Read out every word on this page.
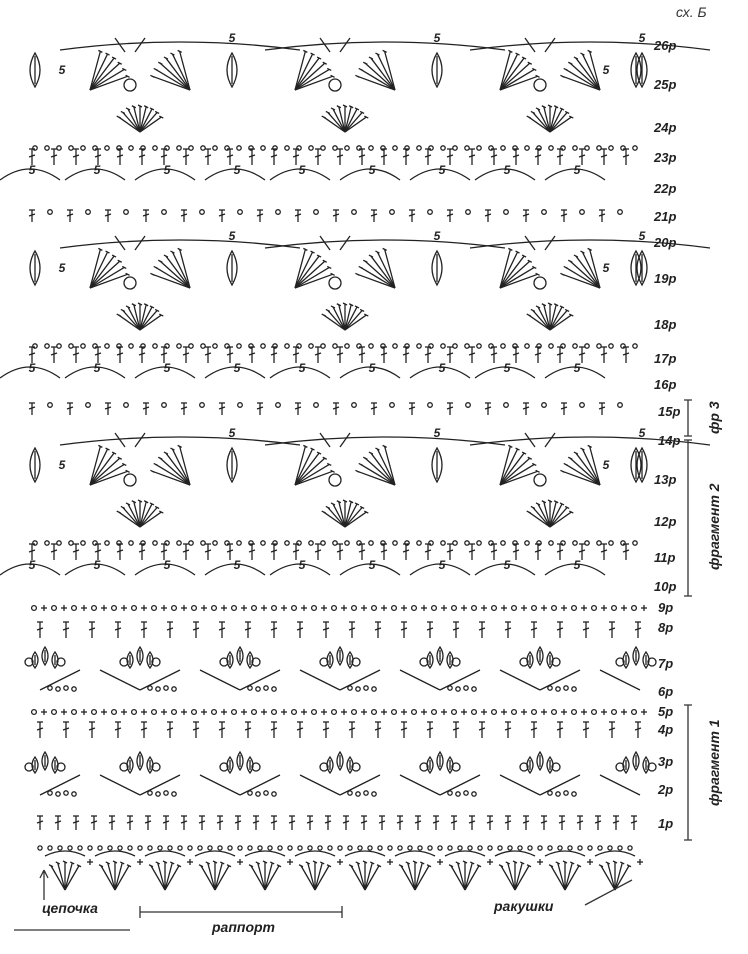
5	5	5	5	5	5	5	5	5
5	5	5
5	5
5	5	5	5	5	5	5	5	5
5	5	5
5	5
5	5	5	5	5	5	5	5	5
5	5	5
5	5
сх. Б
26р
25р
24р
23р
22р
21р
20р
19р
18р
17р
16р
15р
14р
13р
12р
11р
10р
9р
8р
7р
6р
5р
4р
3р
2р
1р
фр 3
фрагмент 2
фрагмент 1
цепочка
раппорт
ракушки
